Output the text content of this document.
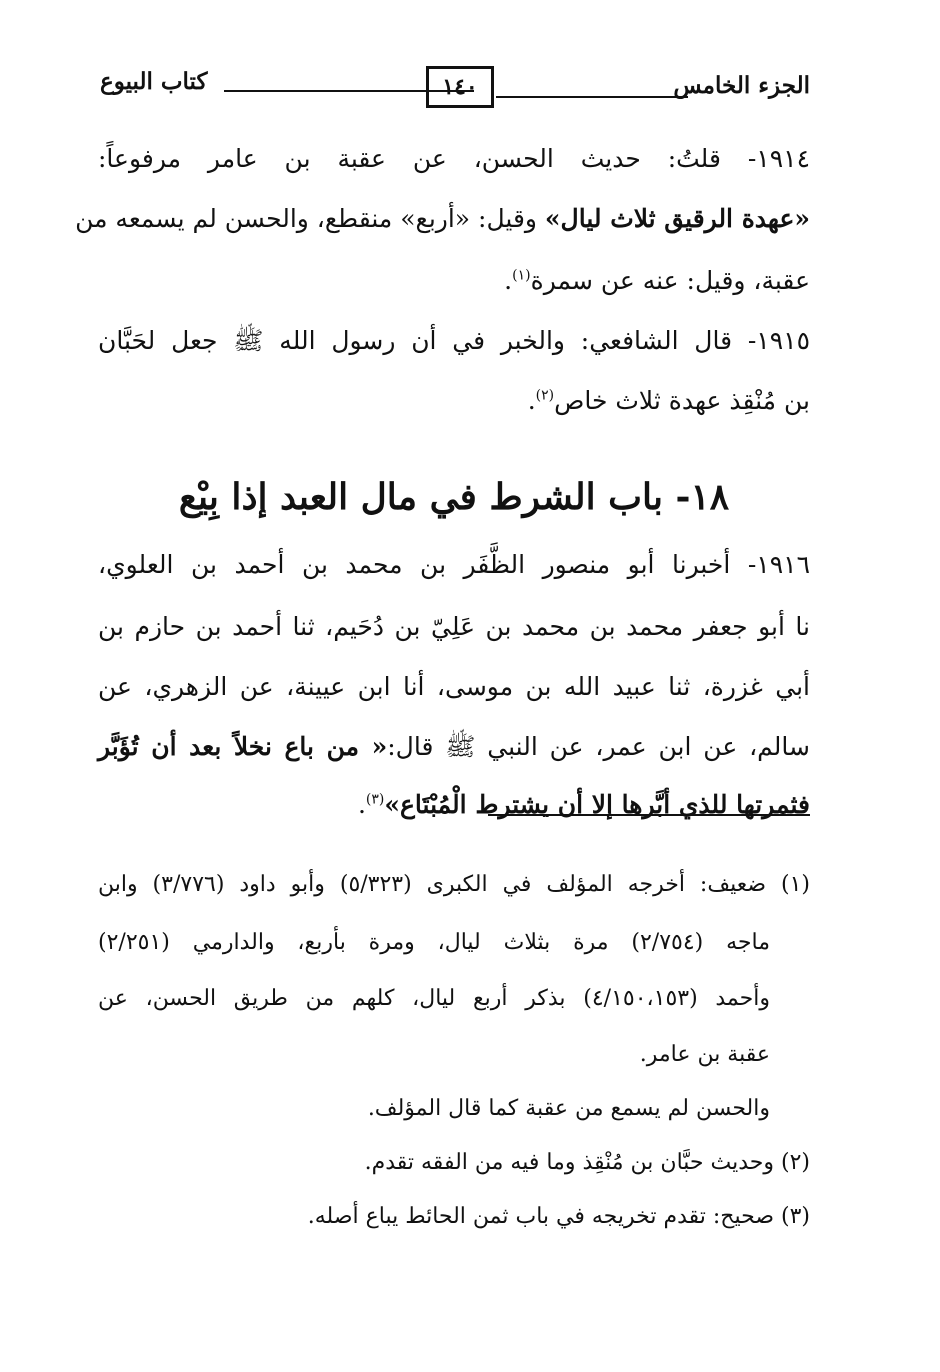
الجزء الخامس
١٤٠
كتاب البيوع
١٩١٤- قلتُ: حديث الحسن، عن عقبة بن عامر مرفوعاً:
«عهدة الرقيق ثلاث ليال» وقيل: «أربع» منقطع، والحسن لم يسمعه من
عقبة، وقيل: عنه عن سمرة$^{(١)}$.
١٩١٥- قال الشافعي: والخبر في أن رسول الله ﷺ جعل لحَبَّان
بن مُنْقِذ عهدة ثلاث خاص$^{(٢)}$.
١٨- باب الشرط في مال العبد إذا بِيْع
١٩١٦- أخبرنا أبو منصور الظَّفَر بن محمد بن أحمد بن العلوي،
نا أبو جعفر محمد بن محمد بن عَلِيّ بن دُحَيم، ثنا أحمد بن حازم بن
أبي غزرة، ثنا عبيد الله بن موسى، أنا ابن عيينة، عن الزهري، عن
سالم، عن ابن عمر، عن النبي ﷺ قال:« من باع نخلاً بعد أن تُؤَبَّر
فثمرتها للذي أبَّرها إلا أن يشترط الْمُبْتَاع»$^{(٣)}$.
(١) ضعيف: أخرجه المؤلف في الكبرى (٥/٣٢٣) وأبو داود (٣/٧٧٦) وابن
ماجه (٢/٧٥٤) مرة بثلاث ليال، ومرة بأربع، والدارمي (٢/٢٥١)
وأحمد (٤/١٥٠،١٥٣) بذكر أربع ليال، كلهم من طريق الحسن، عن
عقبة بن عامر.
والحسن لم يسمع من عقبة كما قال المؤلف.
(٢) وحديث حبَّان بن مُنْقِذ وما فيه من الفقه تقدم.
(٣) صحيح: تقدم تخريجه في باب ثمن الحائط يباع أصله.
